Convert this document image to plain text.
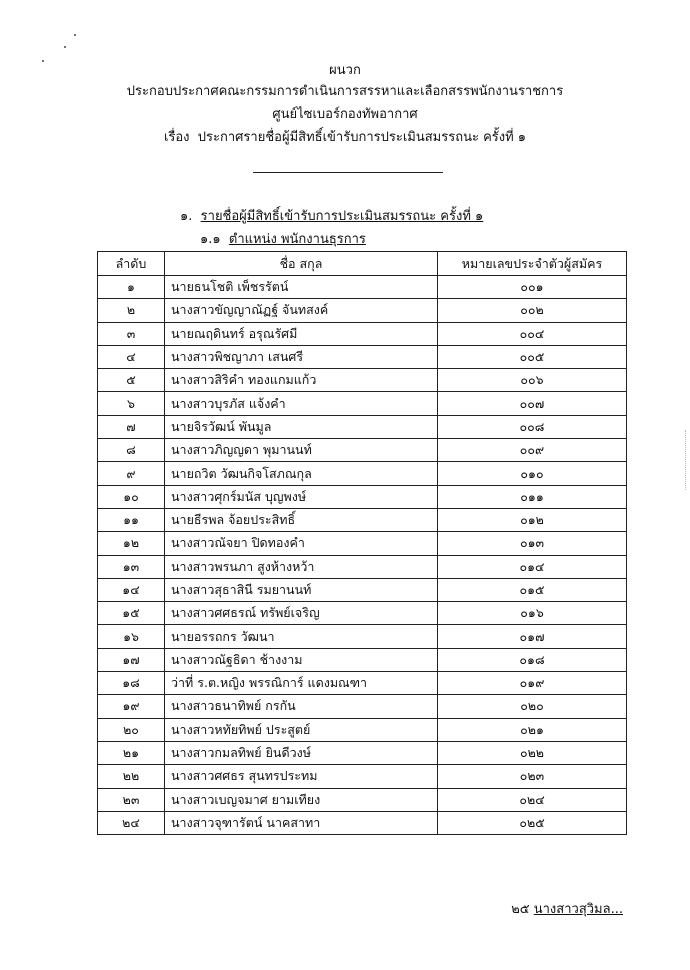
ผนวก
ประกอบประกาศคณะกรรมการดำเนินการสรรหาและเลือกสรรพนักงานราชการ
ศูนย์ไซเบอร์กองทัพอากาศ
เรื่อง ประกาศรายชื่อผู้มีสิทธิ์เข้ารับการประเมินสมรรถนะ ครั้งที่ ๑
๑. รายชื่อผู้มีสิทธิ์เข้ารับการประเมินสมรรถนะ ครั้งที่ ๑
๑.๑ ตำแหน่ง พนักงานธุรการ
ลำดับ	ชื่อ สกุล	หมายเลขประจำตัวผู้สมัคร
๑	นายธนโชติ เพ็ชรรัตน์	๐๐๑
๒	นางสาวขัญญาณัฏฐ์ จันทสงค์	๐๐๒
๓	นายณฤดินทร์ อรุณรัศมี	๐๐๔
๔	นางสาวพิชญาภา เสนศรี	๐๐๕
๕	นางสาวสิริคำ ทองแกมแก้ว	๐๐๖
๖	นางสาวบุรภัส แจ้งคำ	๐๐๗
๗	นายจิรวัฒน์ พันมูล	๐๐๘
๘	นางสาวภิญญดา พุมานนท์	๐๐๙
๙	นายถวิต วัฒนกิจโสภณกุล	๐๑๐
๑๐	นางสาวศุกร์มนัส บุญพงษ์	๐๑๑
๑๑	นายธีรพล จ้อยประสิทธิ์	๐๑๒
๑๒	นางสาวณัจยา ปิดทองคำ	๐๑๓
๑๓	นางสาวพรนภา สูงห้างหว้า	๐๑๔
๑๔	นางสาวสุธาสินี รมยานนท์	๐๑๕
๑๕	นางสาวศศธรณ์ ทรัพย์เจริญ	๐๑๖
๑๖	นายอรรถกร วัฒนา	๐๑๗
๑๗	นางสาวณัฐธิดา ช้างงาม	๐๑๘
๑๘	ว่าที่ ร.ต.หญิง พรรณิการ์ แดงมณฑา	๐๑๙
๑๙	นางสาวธนาทิพย์ กรกัน	๐๒๐
๒๐	นางสาวหทัยทิพย์ ประสูตย์	๐๒๑
๒๑	นางสาวกมลทิพย์ ยินดีวงษ์	๐๒๒
๒๒	นางสาวศศธร สุนทรประทม	๐๒๓
๒๓	นางสาวเบญจมาศ ยามเทียง	๐๒๔
๒๔	นางสาวจุฑารัตน์ นาคสาทา	๐๒๕
๒๕ นางสาวสุวิมล...
